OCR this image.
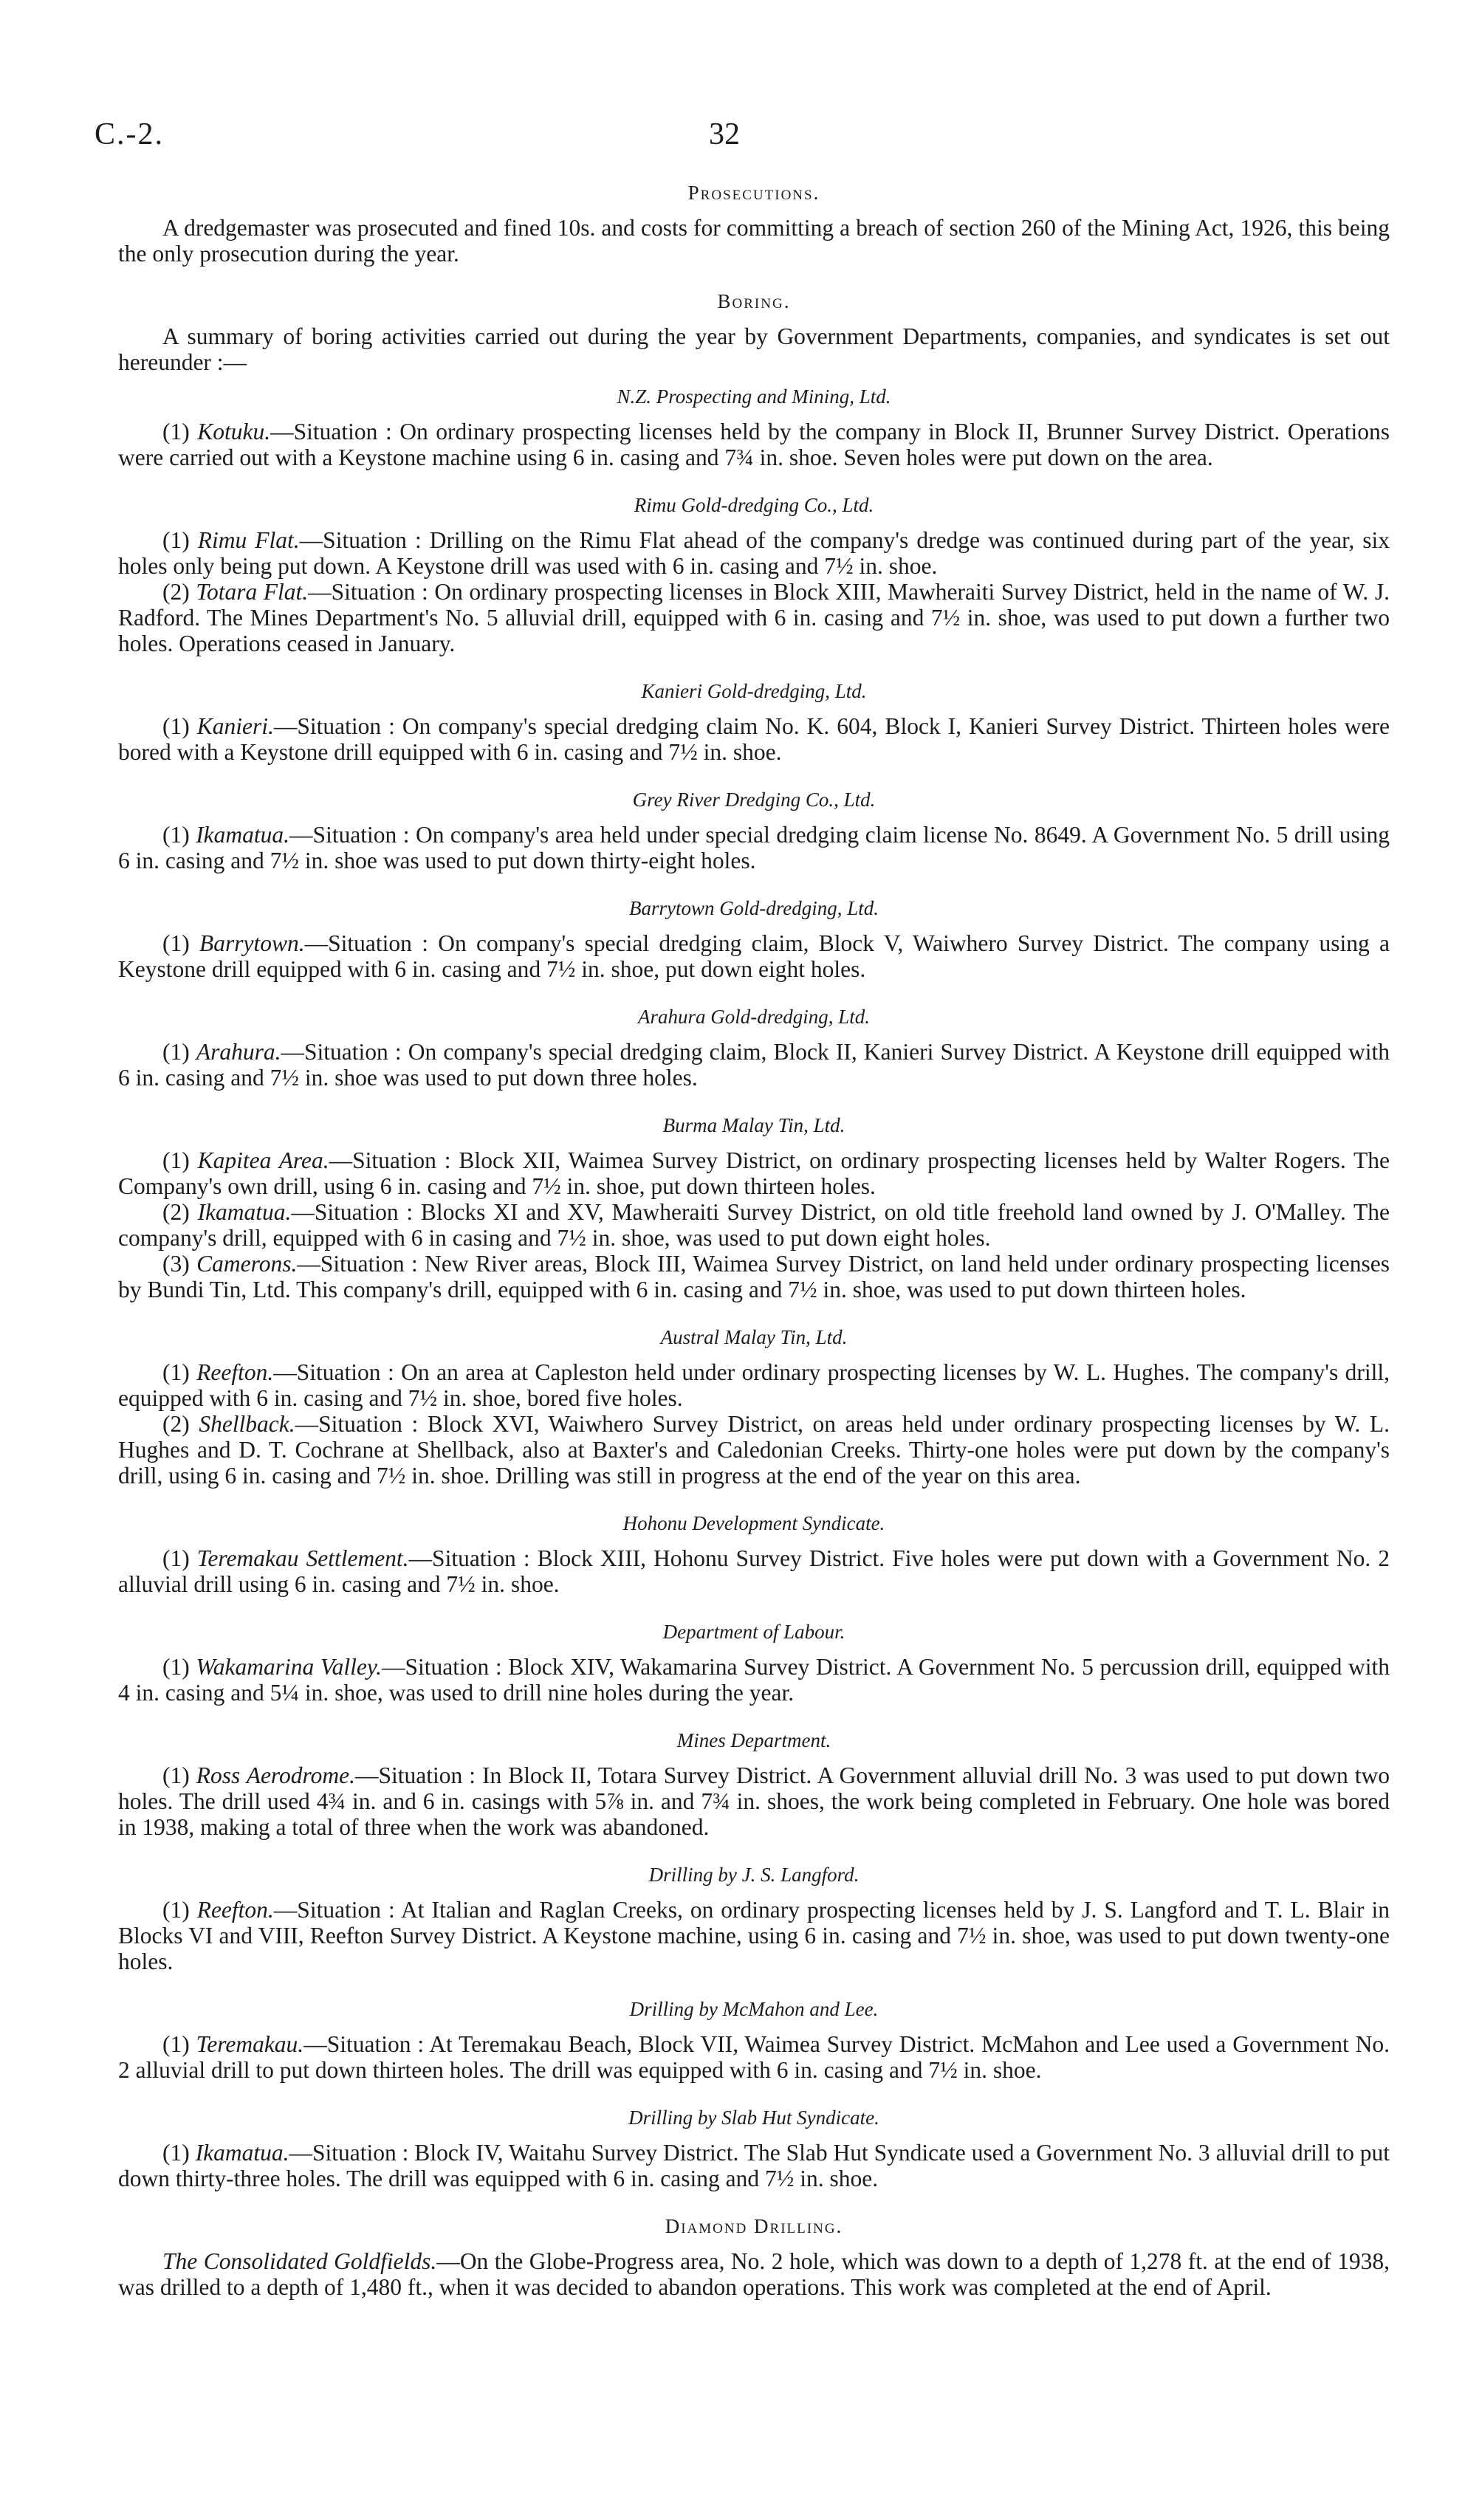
C.-2.	32

Prosecutions.

A dredgemaster was prosecuted and fined 10s. and costs for committing a breach of section 260 of the Mining Act, 1926, this being the only prosecution during the year.

Boring.

A summary of boring activities carried out during the year by Government Departments, companies, and syndicates is set out hereunder :—

N.Z. Prospecting and Mining, Ltd.

(1) Kotuku.—Situation : On ordinary prospecting licenses held by the company in Block II, Brunner Survey District. Operations were carried out with a Keystone machine using 6 in. casing and 7¾ in. shoe. Seven holes were put down on the area.

Rimu Gold-dredging Co., Ltd.

(1) Rimu Flat.—Situation : Drilling on the Rimu Flat ahead of the company's dredge was continued during part of the year, six holes only being put down. A Keystone drill was used with 6 in. casing and 7½ in. shoe.

(2) Totara Flat.—Situation : On ordinary prospecting licenses in Block XIII, Mawheraiti Survey District, held in the name of W. J. Radford. The Mines Department's No. 5 alluvial drill, equipped with 6 in. casing and 7½ in. shoe, was used to put down a further two holes. Operations ceased in January.

Kanieri Gold-dredging, Ltd.

(1) Kanieri.—Situation : On company's special dredging claim No. K. 604, Block I, Kanieri Survey District. Thirteen holes were bored with a Keystone drill equipped with 6 in. casing and 7½ in. shoe.

Grey River Dredging Co., Ltd.

(1) Ikamatua.—Situation : On company's area held under special dredging claim license No. 8649. A Government No. 5 drill using 6 in. casing and 7½ in. shoe was used to put down thirty-eight holes.

Barrytown Gold-dredging, Ltd.

(1) Barrytown.—Situation : On company's special dredging claim, Block V, Waiwhero Survey District. The company using a Keystone drill equipped with 6 in. casing and 7½ in. shoe, put down eight holes.

Arahura Gold-dredging, Ltd.

(1) Arahura.—Situation : On company's special dredging claim, Block II, Kanieri Survey District. A Keystone drill equipped with 6 in. casing and 7½ in. shoe was used to put down three holes.

Burma Malay Tin, Ltd.

(1) Kapitea Area.—Situation : Block XII, Waimea Survey District, on ordinary prospecting licenses held by Walter Rogers. The Company's own drill, using 6 in. casing and 7½ in. shoe, put down thirteen holes.

(2) Ikamatua.—Situation : Blocks XI and XV, Mawheraiti Survey District, on old title freehold land owned by J. O'Malley. The company's drill, equipped with 6 in casing and 7½ in. shoe, was used to put down eight holes.

(3) Camerons.—Situation : New River areas, Block III, Waimea Survey District, on land held under ordinary prospecting licenses by Bundi Tin, Ltd. This company's drill, equipped with 6 in. casing and 7½ in. shoe, was used to put down thirteen holes.

Austral Malay Tin, Ltd.

(1) Reefton.—Situation : On an area at Capleston held under ordinary prospecting licenses by W. L. Hughes. The company's drill, equipped with 6 in. casing and 7½ in. shoe, bored five holes.

(2) Shellback.—Situation : Block XVI, Waiwhero Survey District, on areas held under ordinary prospecting licenses by W. L. Hughes and D. T. Cochrane at Shellback, also at Baxter's and Caledonian Creeks. Thirty-one holes were put down by the company's drill, using 6 in. casing and 7½ in. shoe. Drilling was still in progress at the end of the year on this area.

Hohonu Development Syndicate.

(1) Teremakau Settlement.—Situation : Block XIII, Hohonu Survey District. Five holes were put down with a Government No. 2 alluvial drill using 6 in. casing and 7½ in. shoe.

Department of Labour.

(1) Wakamarina Valley.—Situation : Block XIV, Wakamarina Survey District. A Government No. 5 percussion drill, equipped with 4 in. casing and 5¼ in. shoe, was used to drill nine holes during the year.

Mines Department.

(1) Ross Aerodrome.—Situation : In Block II, Totara Survey District. A Government alluvial drill No. 3 was used to put down two holes. The drill used 4¾ in. and 6 in. casings with 5⅞ in. and 7¾ in. shoes, the work being completed in February. One hole was bored in 1938, making a total of three when the work was abandoned.

Drilling by J. S. Langford.

(1) Reefton.—Situation : At Italian and Raglan Creeks, on ordinary prospecting licenses held by J. S. Langford and T. L. Blair in Blocks VI and VIII, Reefton Survey District. A Keystone machine, using 6 in. casing and 7½ in. shoe, was used to put down twenty-one holes.

Drilling by McMahon and Lee.

(1) Teremakau.—Situation : At Teremakau Beach, Block VII, Waimea Survey District. McMahon and Lee used a Government No. 2 alluvial drill to put down thirteen holes. The drill was equipped with 6 in. casing and 7½ in. shoe.

Drilling by Slab Hut Syndicate.

(1) Ikamatua.—Situation : Block IV, Waitahu Survey District. The Slab Hut Syndicate used a Government No. 3 alluvial drill to put down thirty-three holes. The drill was equipped with 6 in. casing and 7½ in. shoe.

Diamond Drilling.

The Consolidated Goldfields.—On the Globe-Progress area, No. 2 hole, which was down to a depth of 1,278 ft. at the end of 1938, was drilled to a depth of 1,480 ft., when it was decided to abandon operations. This work was completed at the end of April.
